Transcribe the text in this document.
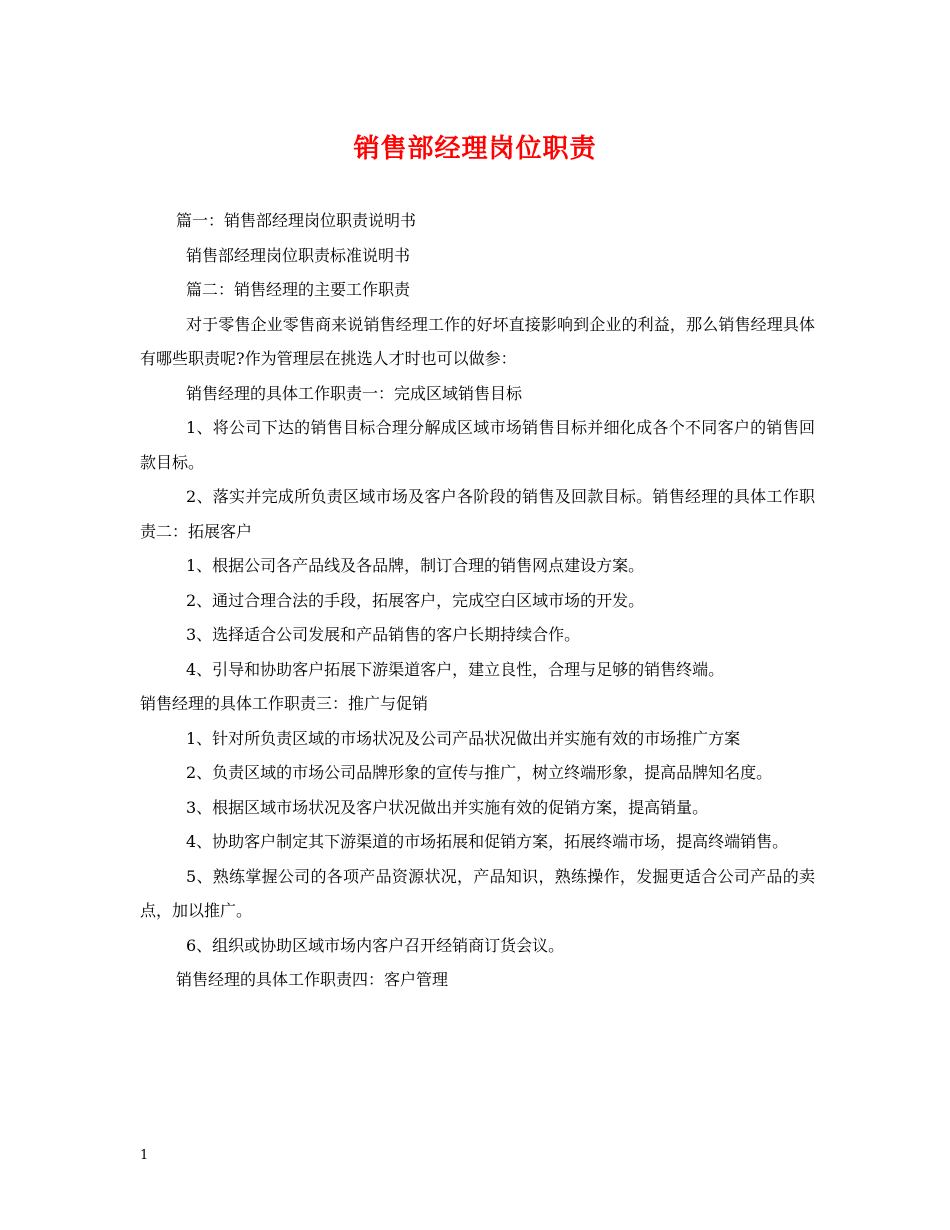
销售部经理岗位职责

篇一：销售部经理岗位职责说明书

销售部经理岗位职责标准说明书

篇二：销售经理的主要工作职责

对于零售企业零售商来说销售经理工作的好坏直接影响到企业的利益，那么销售经理具体有哪些职责呢?作为管理层在挑选人才时也可以做参：

销售经理的具体工作职责一：完成区域销售目标

1、将公司下达的销售目标合理分解成区域市场销售目标并细化成各个不同客户的销售回款目标。

2、落实并完成所负责区域市场及客户各阶段的销售及回款目标。销售经理的具体工作职责二：拓展客户

1、根据公司各产品线及各品牌，制订合理的销售网点建设方案。

2、通过合理合法的手段，拓展客户，完成空白区域市场的开发。

3、选择适合公司发展和产品销售的客户长期持续合作。

4、引导和协助客户拓展下游渠道客户，建立良性，合理与足够的销售终端。

销售经理的具体工作职责三：推广与促销

1、针对所负责区域的市场状况及公司产品状况做出并实施有效的市场推广方案

2、负责区域的市场公司品牌形象的宣传与推广，树立终端形象，提高品牌知名度。

3、根据区域市场状况及客户状况做出并实施有效的促销方案，提高销量。

4、协助客户制定其下游渠道的市场拓展和促销方案，拓展终端市场，提高终端销售。

5、熟练掌握公司的各项产品资源状况，产品知识，熟练操作，发掘更适合公司产品的卖点，加以推广。

6、组织或协助区域市场内客户召开经销商订货会议。

销售经理的具体工作职责四：客户管理

1
